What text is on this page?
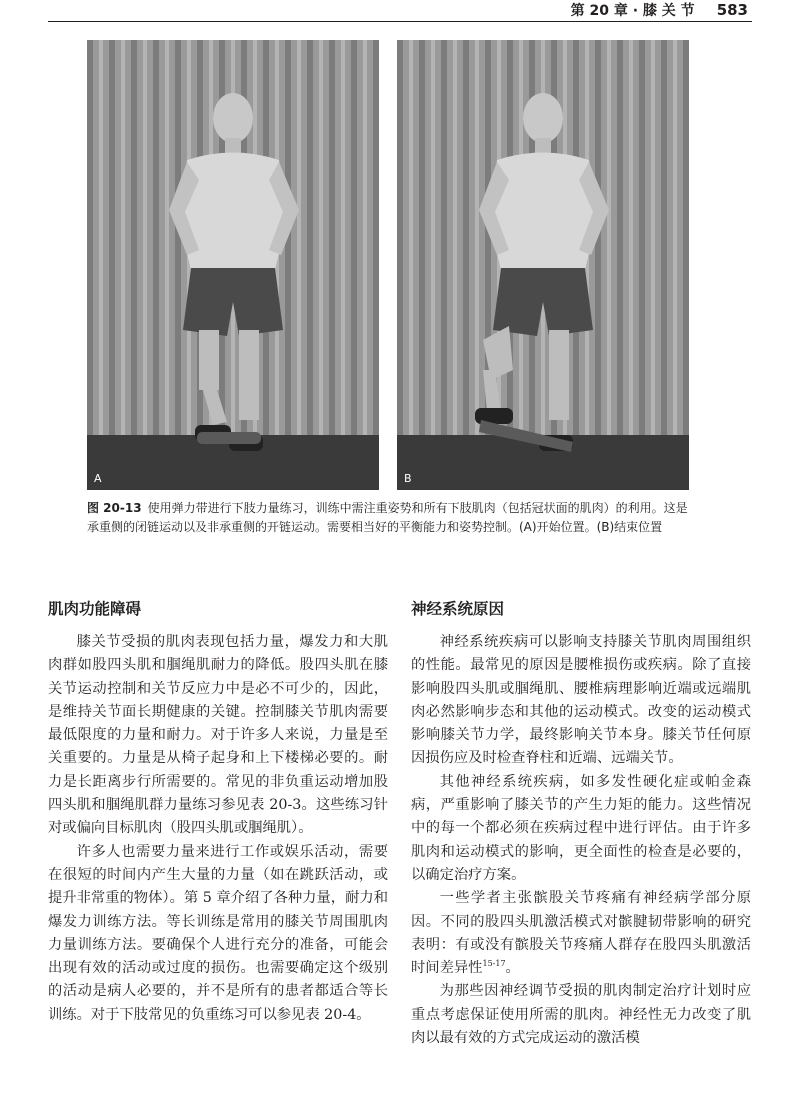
第 20 章 · 膝 关 节 583
A	B
图 20-13 使用弹力带进行下肢力量练习，训练中需注重姿势和所有下肢肌肉（包括冠状面的肌肉）的利用。这是承重侧的闭链运动以及非承重侧的开链运动。需要相当好的平衡能力和姿势控制。(A)开始位置。(B)结束位置
肌肉功能障碍

膝关节受损的肌肉表现包括力量，爆发力和大肌肉群如股四头肌和腘绳肌耐力的降低。股四头肌在膝关节运动控制和关节反应力中是必不可少的，因此，是维持关节面长期健康的关键。控制膝关节肌肉需要最低限度的力量和耐力。对于许多人来说，力量是至关重要的。力量是从椅子起身和上下楼梯必要的。耐力是长距离步行所需要的。常见的非负重运动增加股四头肌和腘绳肌群力量练习参见表 20-3。这些练习针对或偏向目标肌肉（股四头肌或腘绳肌）。

许多人也需要力量来进行工作或娱乐活动，需要在很短的时间内产生大量的力量（如在跳跃活动，或提升非常重的物体）。第 5 章介绍了各种力量，耐力和爆发力训练方法。等长训练是常用的膝关节周围肌肉力量训练方法。要确保个人进行充分的准备，可能会出现有效的活动或过度的损伤。也需要确定这个级别的活动是病人必要的，并不是所有的患者都适合等长训练。对于下肢常见的负重练习可以参见表 20-4。

神经系统原因

神经系统疾病可以影响支持膝关节肌肉周围组织的性能。最常见的原因是腰椎损伤或疾病。除了直接影响股四头肌或腘绳肌、腰椎病理影响近端或远端肌肉必然影响步态和其他的运动模式。改变的运动模式影响膝关节力学，最终影响关节本身。膝关节任何原因损伤应及时检查脊柱和近端、远端关节。

其他神经系统疾病，如多发性硬化症或帕金森病，严重影响了膝关节的产生力矩的能力。这些情况中的每一个都必须在疾病过程中进行评估。由于许多肌肉和运动模式的影响，更全面性的检查是必要的，以确定治疗方案。

一些学者主张髌股关节疼痛有神经病学部分原因。不同的股四头肌激活模式对髌腱韧带影响的研究表明：有或没有髌股关节疼痛人群存在股四头肌激活时间差异性$^{15-17}$。

为那些因神经调节受损的肌肉制定治疗计划时应重点考虑保证使用所需的肌肉。神经性无力改变了肌肉以最有效的方式完成运动的激活模
